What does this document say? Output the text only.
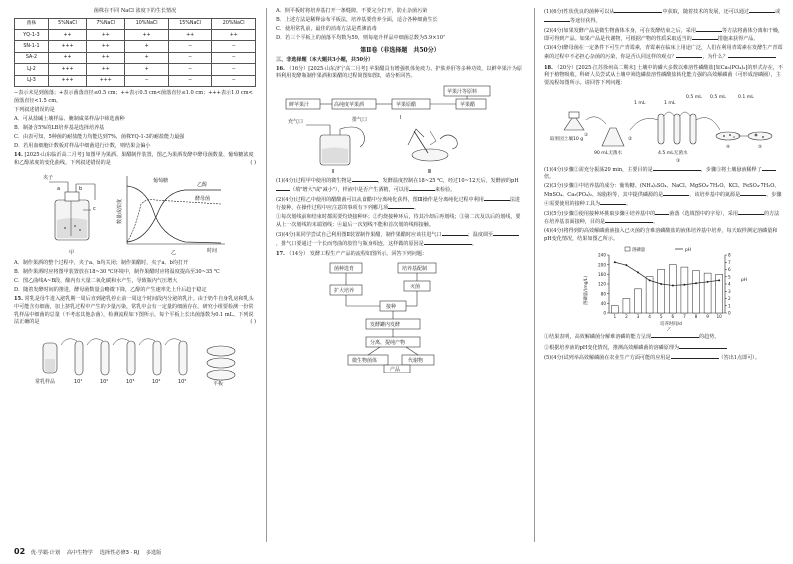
菌株在不同 NaCl 浓度下的生长情况
菌株	5%NaCl	7%NaCl	10%NaCl	15%NaCl	20%NaCl
YQ-1-3	++	++	++	++	++
SN-1-1	+++	++	+	−	−
SA-2	++	++	+	−	−
LJ-2	+++	++	+	−	−
LJ-3	+++	+++	−	−	−

−表示未见到菌落；+表示菌落直径≤0.5 cm；++表示0.5 cm<菌落直径≤1.0 cm；+++表示1.0 cm<菌落直径<1.5 cm。

下列叙述错误的是

A．可从盐碱土壤样品、腌制咸菜样品中筛选菌种

B．制备含5%的LB培养基是选择培养基

C．由表可知，5种菌的耐盐能力均能达到7%，菌株YQ-1-3的耐盐能力最强

D．若用血细胞计数板对样品中细菌进行计数，则结果会偏小

14. [2025·山东临沂高二月考] 如图甲为果酒、果醋制作装置，图乙为果酒发酵中酵母菌数量、葡萄糖浓度和乙醇浓度的变化曲线。下列叙述错误的是	( )

夹子
a	b
c
甲
葡萄糖
乙醇
酵母菌
时间
数量或浓度
乙

A．制作果酒的整个过程中，夹子a、b均关闭；制作果醋时，夹子a、b均打开

B．制作果酒时应将图甲装置放在18~30 ℃环境中，制作果醋时应将温度提高至30~35 ℃

C．图乙曲线A~B段，酿内有大量二氧化碳和水产生，导致瓶内气压增大

D．随着发酵时间的推进，酵母菌数量会略微下降，乙醇的产生速率先上升后趋于稳定

15. 常乳是母牛进入泌乳期一周后直到泌乳停止前一周这个时间段内分泌的乳汁。由于奶牛自身乳房和乳头中可能含有细菌，加上挤乳过程中产生的少量污染，常乳中会有一定量的细菌存在。研究小组要检测一份常乳样品中细菌的总量（不考虑其他杂菌），检测流程如下图所示，每个平板上长出菌落数为0.1 mL。下列说法正确的是	( )

常乳样品	10¹	10²	10³	10⁴	10⁵	平板

A．倒平板时将培养基打开一条缝隙，不要完全打开，防止杂菌污染

B．上述方法是稀释涂布平板法，培养基要营养全面，适合各种细菌生长

C．使用常乳前，最佳的消毒方法是煮沸消毒

D．若三个平板上的菌落平均数为59，则每毫升样品中细菌总数为5.9×10⁷

第Ⅱ卷（非选择题　共50分）

三、非选择题（本大题共3小题，共50分）

16. （16分）[2025·山东济宁高二月考] 苹果醋具有增强机体免疫力、护肤养肝等多种功效，以鲜苹果汁为原料利用发酵瓶制作果酒和果醋的过程简图如图Ⅰ，请分析回答。

鲜苹果汁	高纯度苹果酒	苹果原醋
苹果汁等原料
苹果醋
Ⅰ
充气口	排气口
Ⅱ	Ⅲ

(1)(4分)过程甲中使用的微生物是	，发酵温度控制在18~25 ℃，经过10~12天后，发酵液的pH（填"增大"或"减小"），样液中是否产生酒精，可以用	来检验。

(2)(4分)过程乙中使用的醋酸菌可以从食醋中分离纯化获得，图Ⅲ操作是分离纯化过程中利用	法进行接种，在操作过程中应注意的事项有下列哪几项	。

①每次划线前和结束时都需要灼烧接种环；②灼烧接种环后，待其冷却后再划线；③第二次及以后的划线，要从上一次划线的末端划线；④最后一次划线不能和首次划的线相接触。

(3)(4分)某同学尝试自己利用图Ⅱ装置制作果醋，制作果醋时应该往进气口	；温度调至，排气口要通过一个长而弯曲的胶管与瓶身相连，这样做的原因是	。

17. （14分） 发酵工程生产产品的流程如图所示。回答下列问题：

菌种选育	培养基配制
灭菌
扩大培养
接种
发酵罐内发酵
分离、提纯产物
微生物菌体	代谢物
产品

(1)(6分)性状优良的菌种可以从	中获取，随着技术的发展，还可以通过	或等途径获得。

(2)(4分)如果发酵产品是微生物菌体本身，可在发酵结束之后，采用	等方法将菌体分离和干燥，即可得到产品。如果产品是代谢物，可根据产物的性质采取适当的	措施来获得产品。

(3)(4分)酵母菌在一定条件下可生产青霉素，青霉素在临床上用途广泛，人们在利用青霉素在发酵生产青霉素的过程中不必担心杂菌的污染，你是否认同这样的观点？	，为什么？

18. （20分）[2025·江苏徐州高二期末] 土壤中的磷大多数以难溶性磷酸盐[如Ca₃(PO₄)₂]的形式存在，不利于植物吸收。科研人员尝试从土壤中筛选磷盐溶性磷酸盐转化能力强的高效解磷菌（可形成溶磷圈），主要流程如图所示。请回答下列问题：

1 mL	1 mL
0.5 mL 0.5 mL	0.1 mL
取果园土壤10 g
90 mL无菌水	4.5 mL无菌水
①
②
③
④	⑤

(1)(4分)步骤②需充分振荡20 min，主要目的是	，步骤③将土壤悬液稀释了倍。

(2)(3分)步骤③中培养基的成分：葡萄糖、(NH₄)₂SO₄、NaCl、MgSO₄·7H₂O、KCl、FeSO₄·7H₂O、MnSO₄、Ca₃(PO₄)₂、琼脂粉等，其中提供磷源的是	，该培养基中的氮源是	。步骤④需要使用的接种工具为	。

(3)(5分)步骤⑤使用接种环挑取步骤④培养基中的	菌落（选填图中的字母），采用	的方法在培养基表面接种，目的是	。

(4)(4分)将得到的高效解磷菌液接入已灭菌的含难溶磷酸盐的液体培养基中培养，每天取样测定溶磷量和pH变化情况，结果如图乙所示。

0
40
80
120
160
200
240
0
1
2
3
4
5
6
7
8
1 2 3 4 5 6 7 8 9 10
溶磷量	pH
溶磷量/(mg/L)	pH
培养时间/d
乙

①结果表明，高效解磷菌分解难溶磷的能力呈现	的趋势。

②根据培养液的pH变化情况，推测高效解磷菌的溶磷原理为

(5)(4分)试列举高效解磷菌在农业生产方面可能的应用是	（答出1点即可）。

02 优·学霸·计划　 高中生物学　 选择性必修3 · RJ　 多选版
